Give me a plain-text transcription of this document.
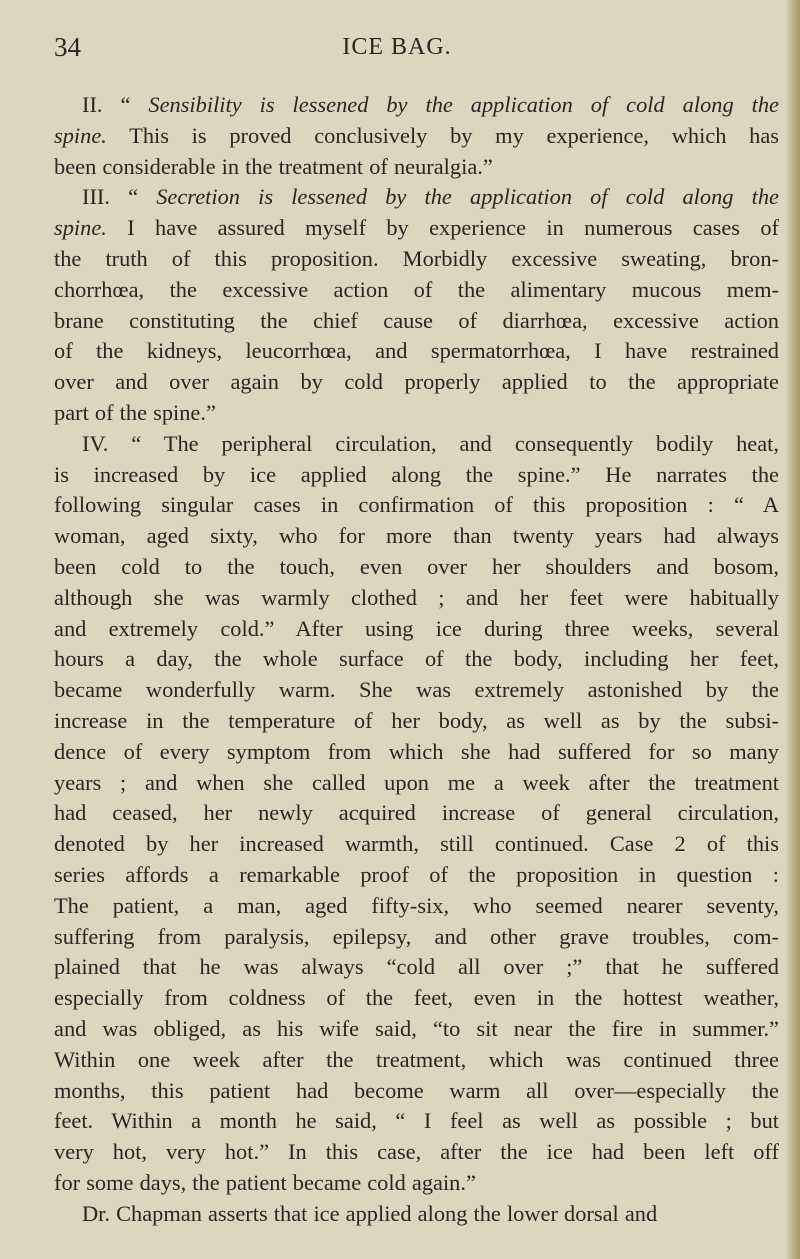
34	ICE BAG.

II. “ Sensibility is lessened by the application of cold along the
spine. This is proved conclusively by my experience, which has
been considerable in the treatment of neuralgia.”

III. “ Secretion is lessened by the application of cold along the
spine. I have assured myself by experience in numerous cases of
the truth of this proposition. Morbidly excessive sweating, bron-
chorrhœa, the excessive action of the alimentary mucous mem-
brane constituting the chief cause of diarrhœa, excessive action
of the kidneys, leucorrhœa, and spermatorrhœa, I have restrained
over and over again by cold properly applied to the appropriate
part of the spine.”

IV. “ The peripheral circulation, and consequently bodily heat,
is increased by ice applied along the spine.” He narrates the
following singular cases in confirmation of this proposition : “ A
woman, aged sixty, who for more than twenty years had always
been cold to the touch, even over her shoulders and bosom,
although she was warmly clothed ; and her feet were habitually
and extremely cold.” After using ice during three weeks, several
hours a day, the whole surface of the body, including her feet,
became wonderfully warm. She was extremely astonished by the
increase in the temperature of her body, as well as by the subsi-
dence of every symptom from which she had suffered for so many
years ; and when she called upon me a week after the treatment
had ceased, her newly acquired increase of general circulation,
denoted by her increased warmth, still continued. Case 2 of this
series affords a remarkable proof of the proposition in question :
The patient, a man, aged fifty-six, who seemed nearer seventy,
suffering from paralysis, epilepsy, and other grave troubles, com-
plained that he was always “cold all over ;” that he suffered
especially from coldness of the feet, even in the hottest weather,
and was obliged, as his wife said, “to sit near the fire in summer.”
Within one week after the treatment, which was continued three
months, this patient had become warm all over—especially the
feet. Within a month he said, “ I feel as well as possible ; but
very hot, very hot.” In this case, after the ice had been left off
for some days, the patient became cold again.”

Dr. Chapman asserts that ice applied along the lower dorsal and
